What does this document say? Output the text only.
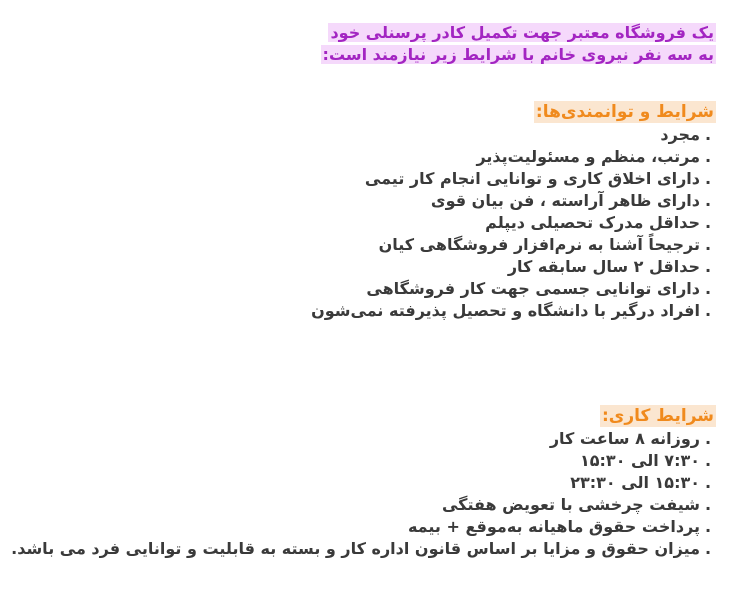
یک فروشگاه معتبر جهت تکمیل کادر پرسنلی خود
به سه نفر نیروی خانم با شرایط زیر نیازمند است:
شرایط و توانمندی‌ها:
.مجرد
.مرتب، منظم و مسئولیت‌پذیر
.دارای اخلاق کاری و توانایی انجام کار تیمی
.دارای ظاهر آراسته ، فن بیان قوی
.حداقل مدرک تحصیلی دیپلم
.ترجیحاً آشنا به نرم‌افزار فروشگاهی کیان
.حداقل ۲ سال سابقه کار
.دارای توانایی جسمی جهت کار فروشگاهی
.افراد درگیر با دانشگاه و تحصیل پذیرفته نمی‌شون
شرایط کاری:
.روزانه ۸ ساعت کار
.۷:۳۰ الی ۱۵:۳۰
.۱۵:۳۰ الی ۲۳:۳۰
.شیفت چرخشی با تعویض هفتگی
.پرداخت حقوق ماهیانه به‌موقع + بیمه
.میزان حقوق و مزایا بر اساس قانون اداره کار و بسته به قابلیت و توانایی فرد می باشد.
